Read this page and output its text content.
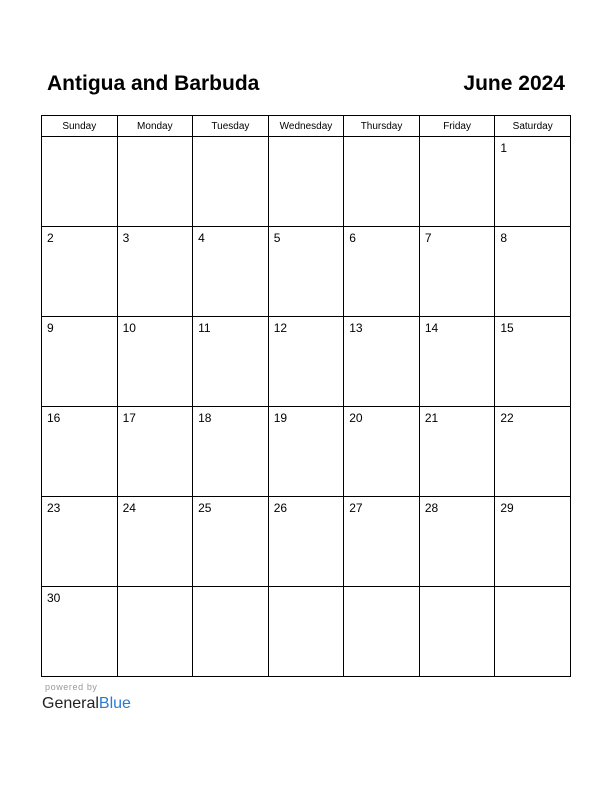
Antigua and Barbuda	June 2024
Sunday	Monday	Tuesday	Wednesday	Thursday	Friday	Saturday

						1

2	3	4	5	6	7	8

9	10	11	12	13	14	15

16	17	18	19	20	21	22

23	24	25	26	27	28	29

30						

powered by
GeneralBlue
